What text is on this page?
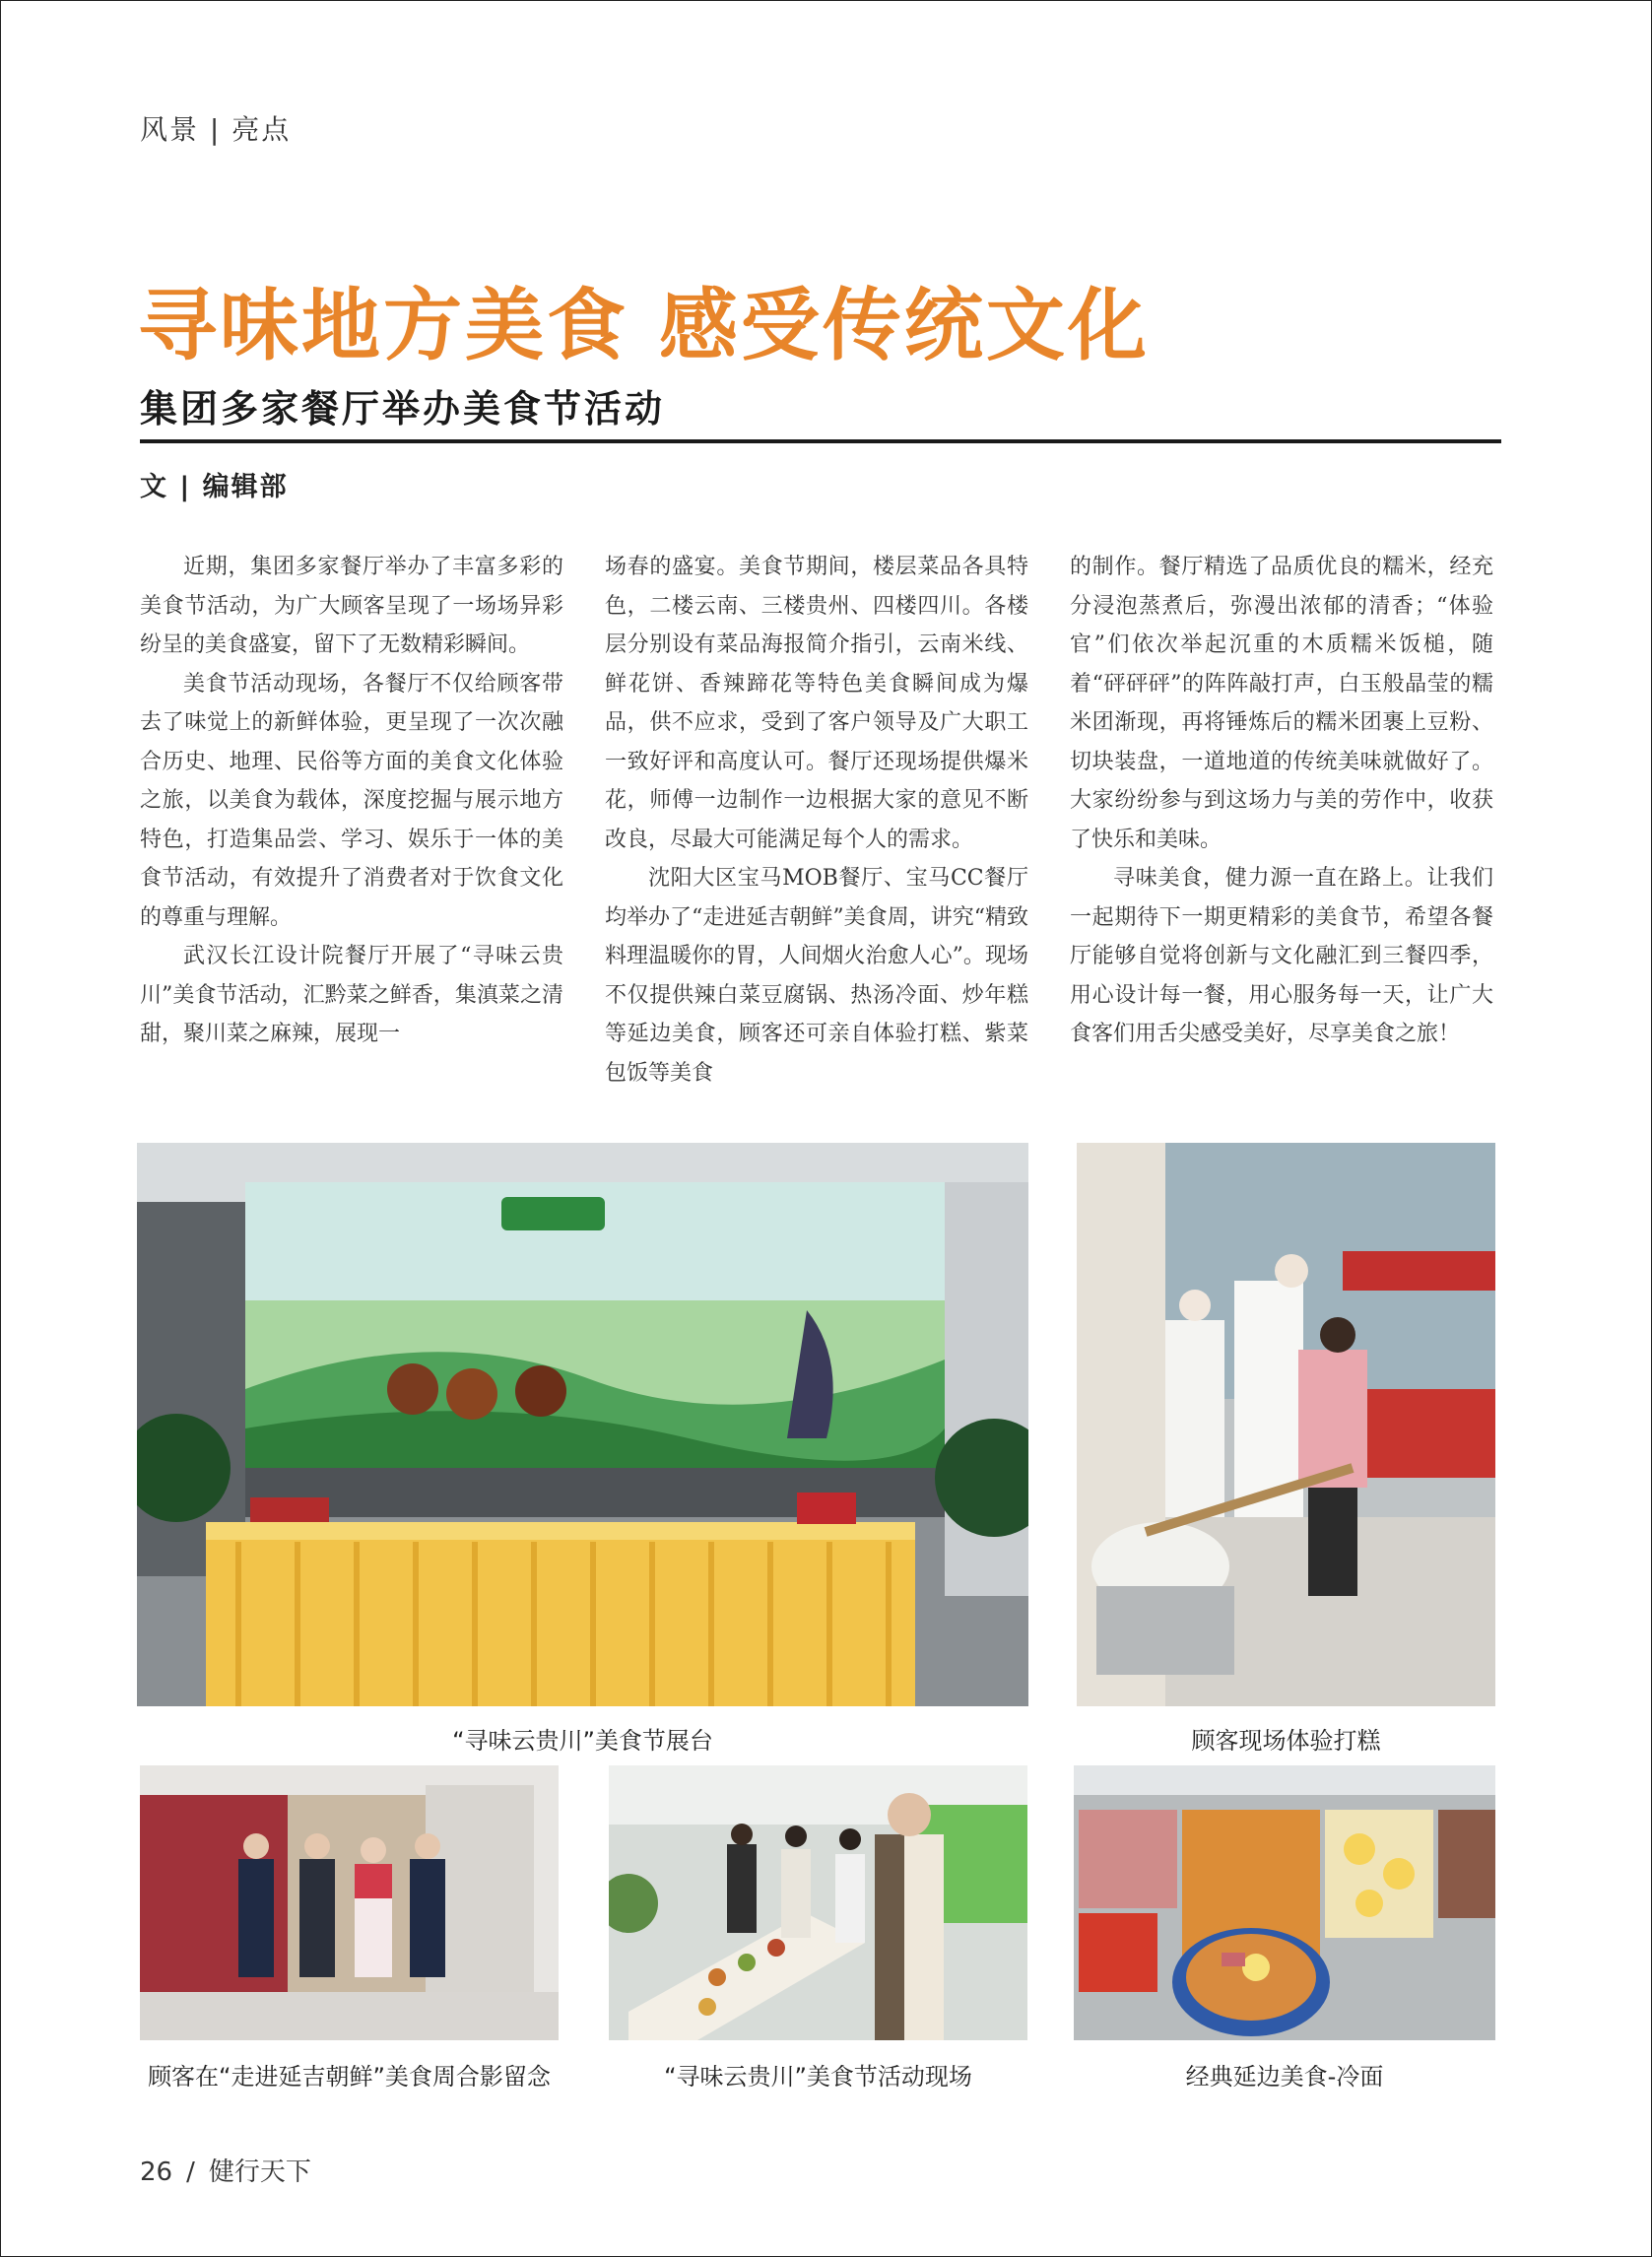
风景 | 亮点
寻味地方美食 感受传统文化
集团多家餐厅举办美食节活动
文 | 编辑部

近期，集团多家餐厅举办了丰富多彩的美食节活动，为广大顾客呈现了一场场异彩纷呈的美食盛宴，留下了无数精彩瞬间。

美食节活动现场，各餐厅不仅给顾客带去了味觉上的新鲜体验，更呈现了一次次融合历史、地理、民俗等方面的美食文化体验之旅，以美食为载体，深度挖掘与展示地方特色，打造集品尝、学习、娱乐于一体的美食节活动，有效提升了消费者对于饮食文化的尊重与理解。

武汉长江设计院餐厅开展了“寻味云贵川”美食节活动，汇黔菜之鲜香，集滇菜之清甜，聚川菜之麻辣，展现一

场春的盛宴。美食节期间，楼层菜品各具特色，二楼云南、三楼贵州、四楼四川。各楼层分别设有菜品海报简介指引，云南米线、鲜花饼、香辣蹄花等特色美食瞬间成为爆品，供不应求，受到了客户领导及广大职工一致好评和高度认可。餐厅还现场提供爆米花，师傅一边制作一边根据大家的意见不断改良，尽最大可能满足每个人的需求。

沈阳大区宝马MOB餐厅、宝马CC餐厅均举办了“走进延吉朝鲜”美食周，讲究“精致料理温暖你的胃，人间烟火治愈人心”。现场不仅提供辣白菜豆腐锅、热汤冷面、炒年糕等延边美食，顾客还可亲自体验打糕、紫菜包饭等美食

的制作。餐厅精选了品质优良的糯米，经充分浸泡蒸煮后，弥漫出浓郁的清香；“体验官”们依次举起沉重的木质糯米饭槌，随着“砰砰砰”的阵阵敲打声，白玉般晶莹的糯米团渐现，再将锤炼后的糯米团裹上豆粉、切块装盘，一道地道的传统美味就做好了。大家纷纷参与到这场力与美的劳作中，收获了快乐和美味。

寻味美食，健力源一直在路上。让我们一起期待下一期更精彩的美食节，希望各餐厅能够自觉将创新与文化融汇到三餐四季，用心设计每一餐，用心服务每一天，让广大食客们用舌尖感受美好，尽享美食之旅！

“寻味云贵川”美食节展台	顾客现场体验打糕
顾客在“走进延吉朝鲜”美食周合影留念	“寻味云贵川”美食节活动现场	经典延边美食-冷面
26 / 健行天下
